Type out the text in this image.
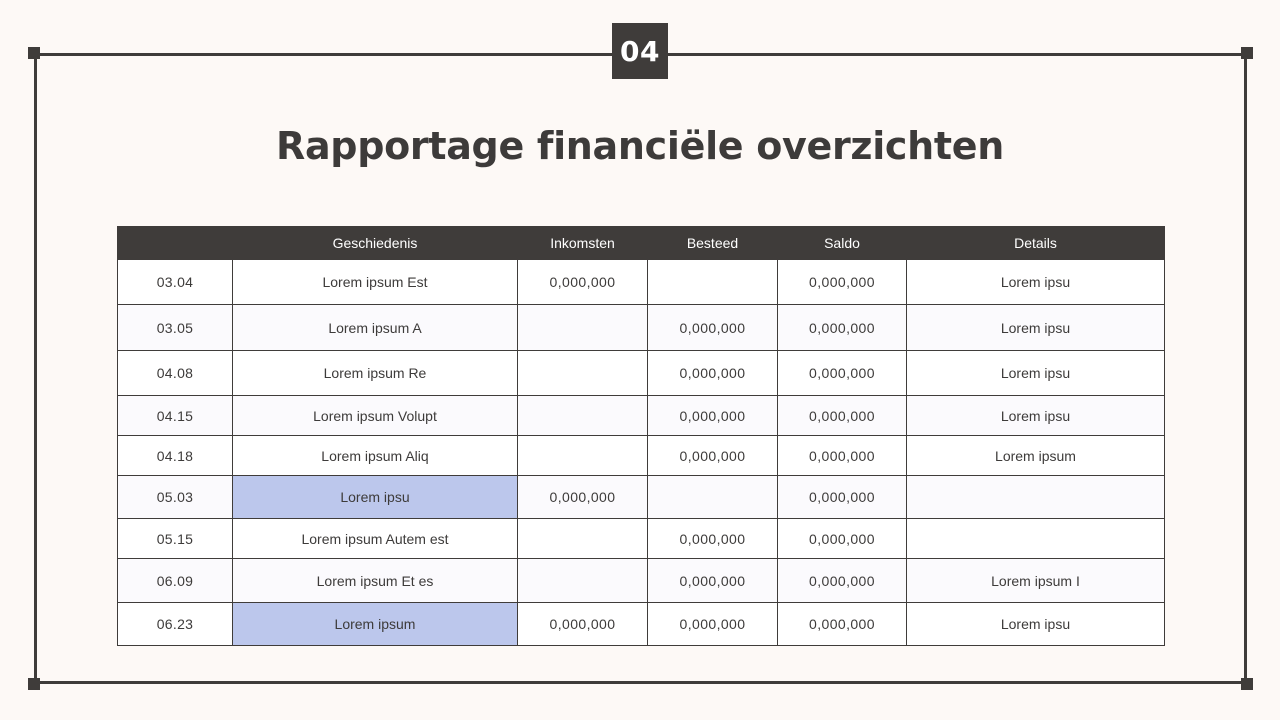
04
Rapportage financiële overzichten
	Geschiedenis	Inkomsten	Besteed	Saldo	Details
03.04	Lorem ipsum Est	0,000,000		0,000,000	Lorem ipsu
03.05	Lorem ipsum A		0,000,000	0,000,000	Lorem ipsu
04.08	Lorem ipsum Re		0,000,000	0,000,000	Lorem ipsu
04.15	Lorem ipsum Volupt		0,000,000	0,000,000	Lorem ipsu
04.18	Lorem ipsum Aliq		0,000,000	0,000,000	Lorem ipsum
05.03	Lorem ipsu	0,000,000		0,000,000	
05.15	Lorem ipsum Autem est		0,000,000	0,000,000	
06.09	Lorem ipsum Et es		0,000,000	0,000,000	Lorem ipsum I
06.23	Lorem ipsum	0,000,000	0,000,000	0,000,000	Lorem ipsu
